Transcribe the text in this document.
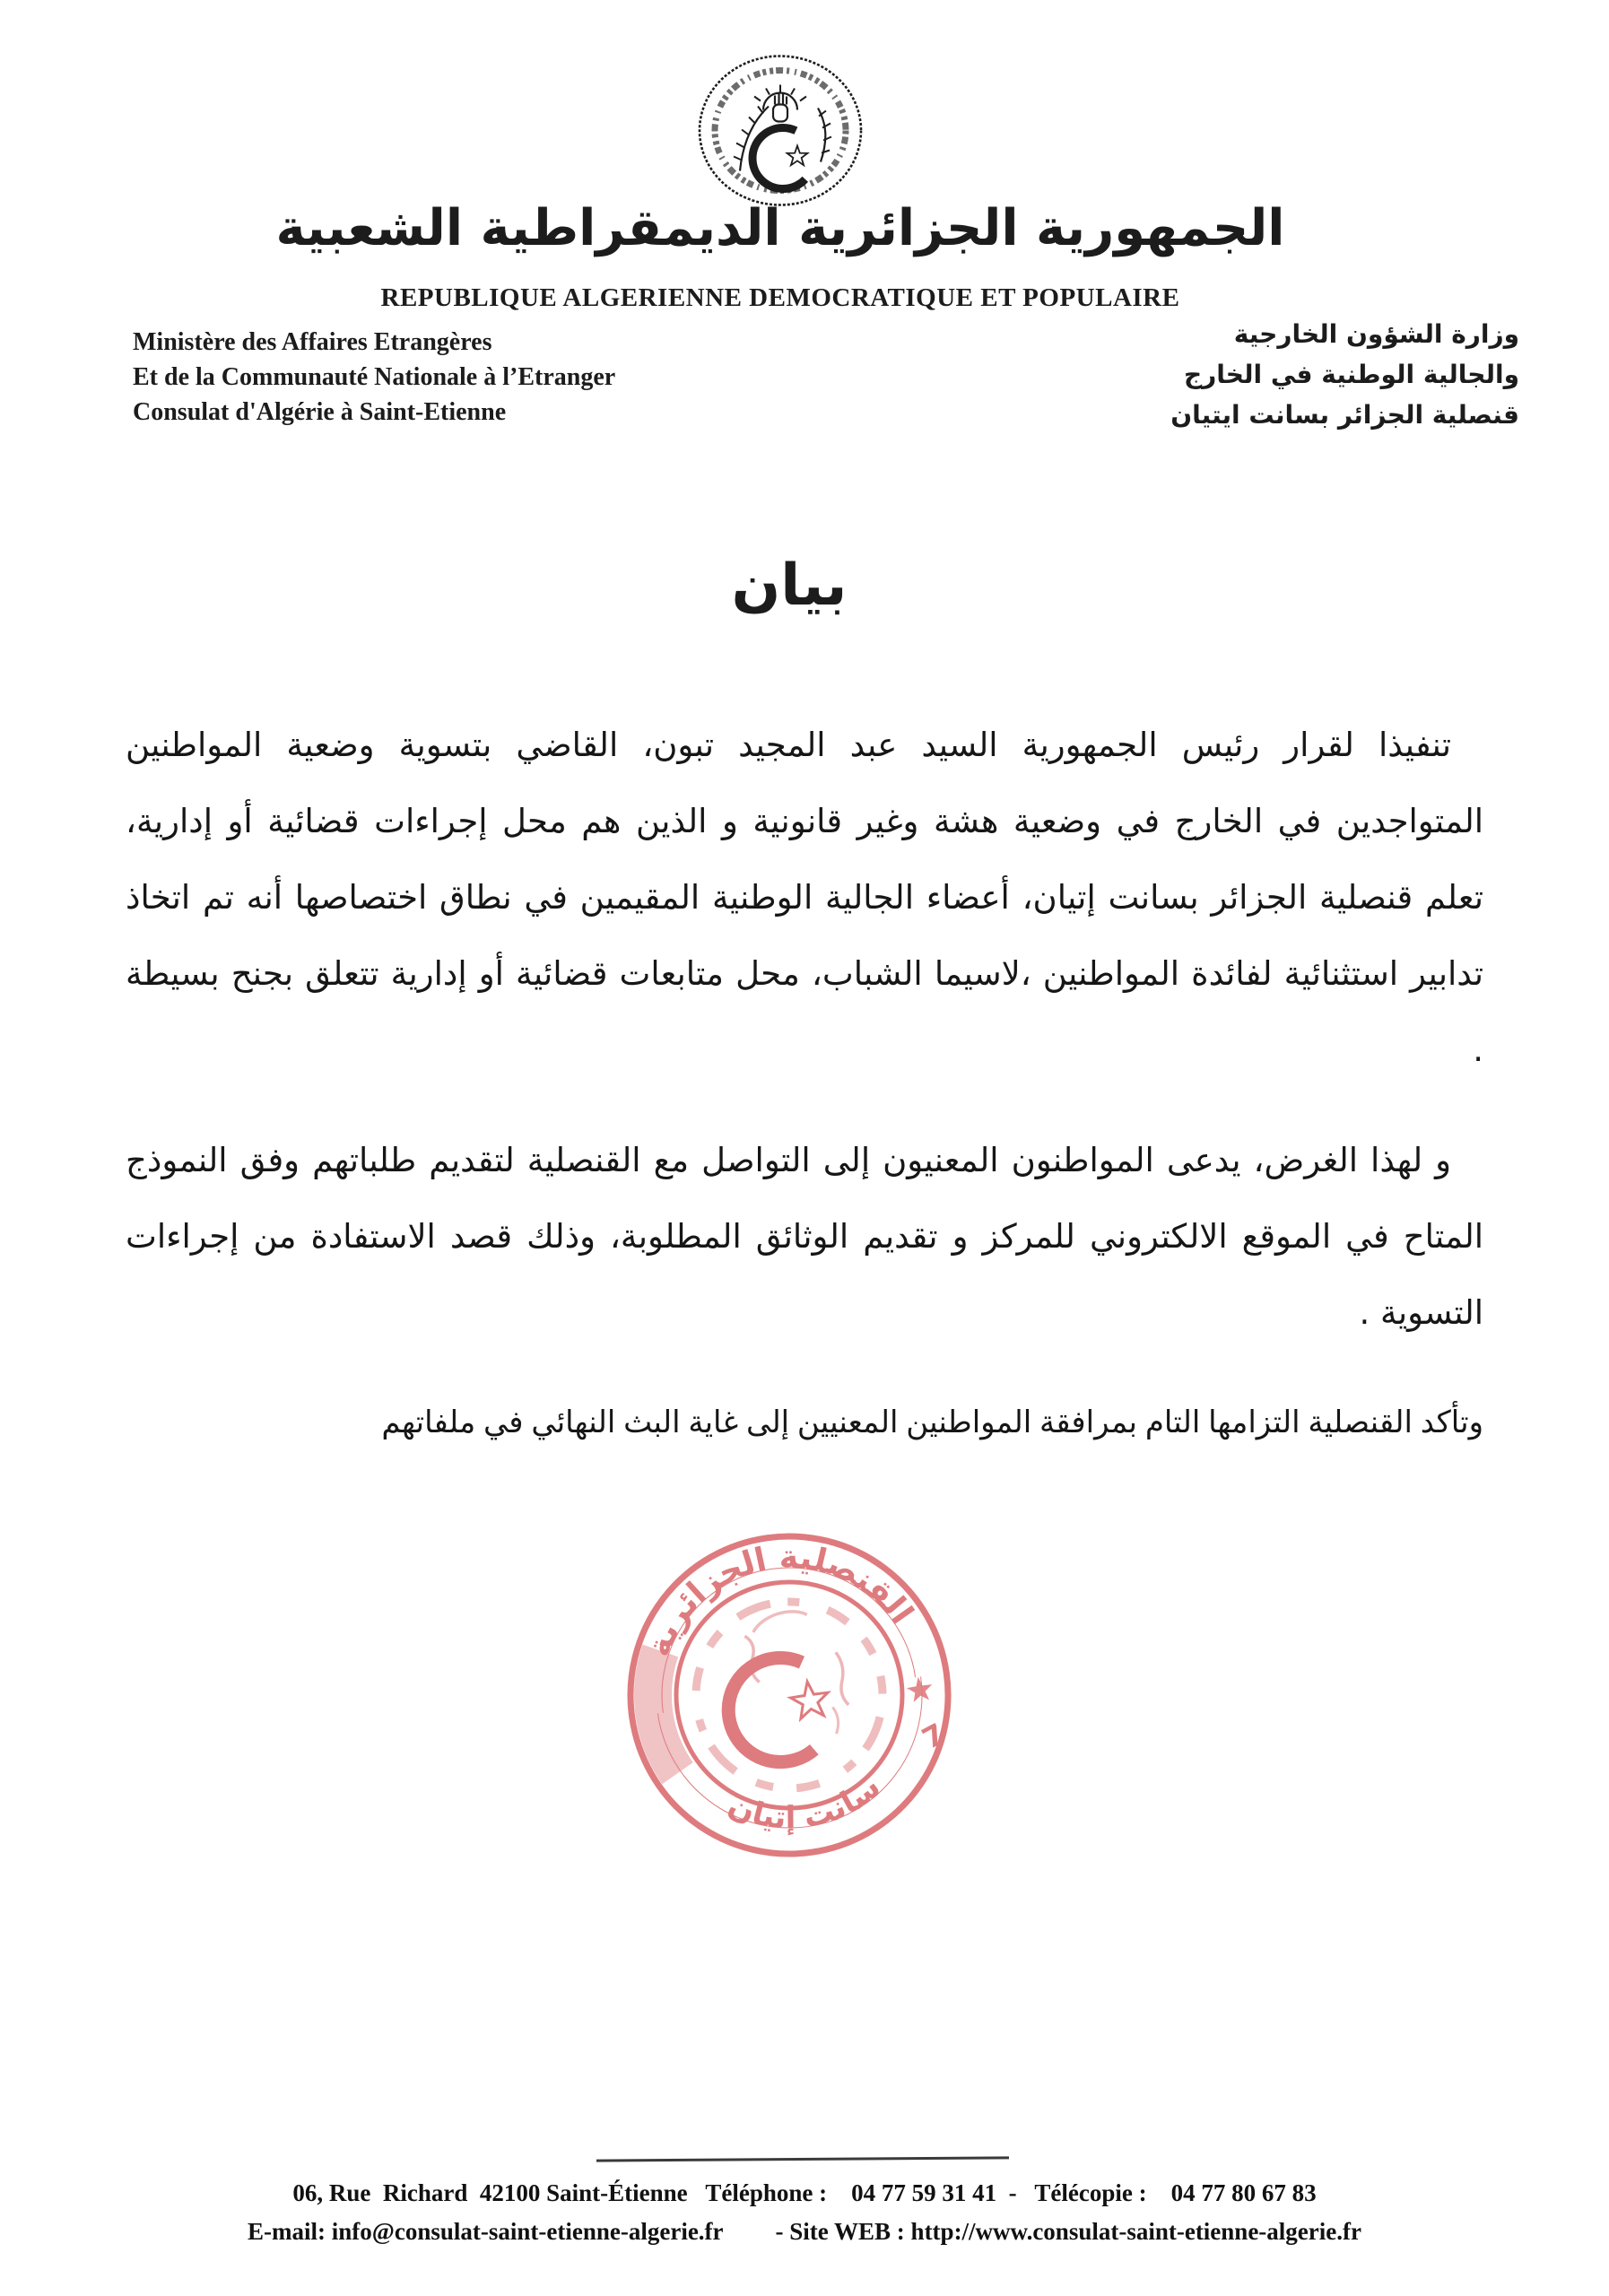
الجمهورية الجزائرية الديمقراطية الشعبية
REPUBLIQUE ALGERIENNE DEMOCRATIQUE ET POPULAIRE
Ministère des Affaires Etrangères
Et de la Communauté Nationale à l’Etranger
Consulat d'Algérie à Saint-Etienne
وزارة الشؤون الخارجية
والجالية الوطنية في الخارج
قنصلية الجزائر بسانت ايتيان
بيان

تنفيذا لقرار رئيس الجمهورية السيد عبد المجيد تبون، القاضي بتسوية وضعية المواطنين المتواجدين في الخارج في وضعية هشة وغير قانونية و الذين هم محل إجراءات قضائية أو إدارية، تعلم قنصلية الجزائر بسانت إتيان، أعضاء الجالية الوطنية المقيمين في نطاق اختصاصها أنه تم اتخاذ تدابير استثنائية لفائدة المواطنين ،لاسيما الشباب، محل متابعات قضائية أو إدارية تتعلق بجنح بسيطة .

و لهذا الغرض، يدعى المواطنون المعنيون إلى التواصل مع القنصلية لتقديم طلباتهم وفق النموذج المتاح في الموقع الالكتروني للمركز و تقديم الوثائق المطلوبة، وذلك قصد الاستفادة من إجراءات التسوية .

وتأكد القنصلية التزامها التام بمرافقة المواطنين المعنيين إلى غاية البث النهائي في ملفاتهم

القنصلية الجزائرية
سانت إتيان
7
06, Rue  Richard  42100 Saint-Étienne   Téléphone :    04 77 59 31 41  -   Télécopie :    04 77 80 67 83
E-mail: info@consulat-saint-etienne-algerie.fr - Site WEB : http://www.consulat-saint-etienne-algerie.fr
